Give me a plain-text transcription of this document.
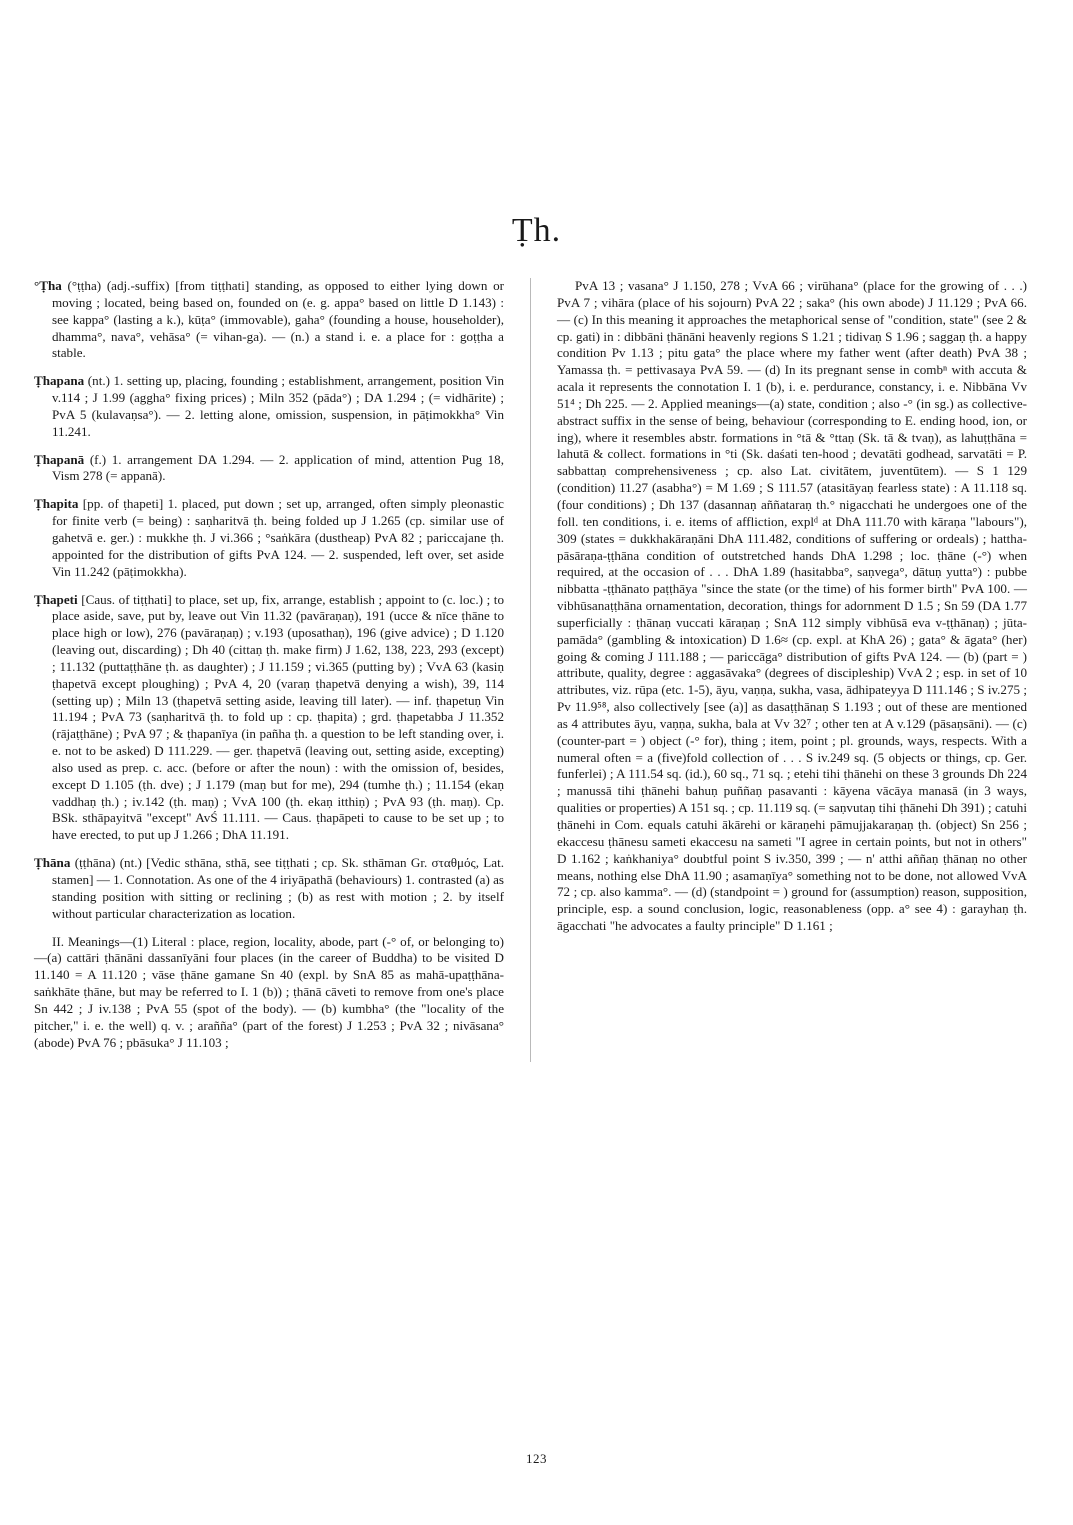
Ṭh.

°Ṭha (°ṭṭha) (adj.-suffix) [from tiṭṭhati] standing, as opposed to either lying down or moving ; located, being based on, founded on (e. g. appa° based on little D 1.143) : see kappa° (lasting a k.), kūṭa° (immovable), gaha° (founding a house, householder), dhamma°, nava°, vehāsa° (= vihan-ga). — (n.) a stand i. e. a place for : goṭṭha a stable.

Ṭhapana (nt.) 1. setting up, placing, founding ; establishment, arrangement, position Vin v.114 ; J 1.99 (aggha° fixing prices) ; Miln 352 (pāda°) ; DA 1.294 ; (= vidhārite) ; PvA 5 (kulavaṇsa°). — 2. letting alone, omission, suspension, in pāṭimokkha° Vin 11.241.

Ṭhapanā (f.) 1. arrangement DA 1.294. — 2. application of mind, attention Pug 18, Vism 278 (= appanā).

Ṭhapita [pp. of ṭhapeti] 1. placed, put down ; set up, arranged, often simply pleonastic for finite verb (= being) : saṇharitvā ṭh. being folded up J 1.265 (cp. similar use of gahetvā e. ger.) : mukkhe ṭh. J vi.366 ; °saṅkāra (dustheap) PvA 82 ; pariccajane ṭh. appointed for the distribution of gifts PvA 124. — 2. suspended, left over, set aside Vin 11.242 (pāṭimokkha).

Ṭhapeti [Caus. of tiṭṭhati] to place, set up, fix, arrange, establish ; appoint to (c. loc.) ; to place aside, save, put by, leave out Vin 11.32 (pavāraṇaṇ), 191 (ucce & nīce ṭhāne to place high or low), 276 (pavāraṇaṇ) ; v.193 (uposathaṇ), 196 (give advice) ; D 1.120 (leaving out, discarding) ; Dh 40 (cittaṇ ṭh. make firm) J 1.62, 138, 223, 293 (except) ; 11.132 (puttaṭṭhāne ṭh. as daughter) ; J 11.159 ; vi.365 (putting by) ; VvA 63 (kasiṇ ṭhapetvā except ploughing) ; PvA 4, 20 (varaṇ ṭhapetvā denying a wish), 39, 114 (setting up) ; Miln 13 (ṭhapetvā setting aside, leaving till later). — inf. ṭhapetuṇ Vin 11.194 ; PvA 73 (saṇharitvā ṭh. to fold up : cp. ṭhapita) ; grd. ṭhapetabba J 11.352 (rājaṭṭhāne) ; PvA 97 ; & ṭhapanīya (in pañha ṭh. a question to be left standing over, i. e. not to be asked) D 111.229. — ger. ṭhapetvā (leaving out, setting aside, excepting) also used as prep. c. acc. (before or after the noun) : with the omission of, besides, except D 1.105 (ṭh. dve) ; J 1.179 (maṇ but for me), 294 (tumhe ṭh.) ; 11.154 (ekaṇ vaddhaṇ ṭh.) ; iv.142 (ṭh. maṇ) ; VvA 100 (ṭh. ekaṇ itthiṇ) ; PvA 93 (ṭh. maṇ). Cp. BSk. sthāpayitvā "except" AvŚ 11.111. — Caus. ṭhapāpeti to cause to be set up ; to have erected, to put up J 1.266 ; DhA 11.191.

Ṭhāna (ṭṭhāna) (nt.) [Vedic sthāna, sthā, see tiṭṭhati ; cp. Sk. sthāman Gr. σταθμός, Lat. stamen] — 1. Connotation. As one of the 4 iriyāpathā (behaviours) 1. contrasted (a) as standing position with sitting or reclining ; (b) as rest with motion ; 2. by itself without particular characterization as location.

II. Meanings—(1) Literal : place, region, locality, abode, part (-° of, or belonging to)—(a) cattāri ṭhānāni dassanīyāni four places (in the career of Buddha) to be visited D 11.140 = A 11.120 ; vāse ṭhāne gamane Sn 40 (expl. by SnA 85 as mahā-upaṭṭhāna-saṅkhāte ṭhāne, but may be referred to I. 1 (b)) ; ṭhānā cāveti to remove from one's place Sn 442 ; J iv.138 ; PvA 55 (spot of the body). — (b) kumbha° (the "locality of the pitcher," i. e. the well) q. v. ; arañña° (part of the forest) J 1.253 ; PvA 32 ; nivāsana° (abode) PvA 76 ; pbāsuka° J 11.103 ;

PvA 13 ; vasana° J 1.150, 278 ; VvA 66 ; virūhana° (place for the growing of . . .) PvA 7 ; vihāra (place of his sojourn) PvA 22 ; saka° (his own abode) J 11.129 ; PvA 66. — (c) In this meaning it approaches the metaphorical sense of "condition, state" (see 2 & cp. gati) in : dibbāni ṭhānāni heavenly regions S 1.21 ; tidivaṇ S 1.96 ; saggaṇ ṭh. a happy condition Pv 1.13 ; pitu gata° the place where my father went (after death) PvA 38 ; Yamassa ṭh. = pettivasaya PvA 59. — (d) In its pregnant sense in combⁿ with accuta & acala it represents the connotation I. 1 (b), i. e. perdurance, constancy, i. e. Nibbāna Vv 51⁴ ; Dh 225. — 2. Applied meanings—(a) state, condition ; also -° (in sg.) as collective-abstract suffix in the sense of being, behaviour (corresponding to E. ending hood, ion, or ing), where it resembles abstr. formations in °tā & °ttaṇ (Sk. tā & tvaṇ), as lahuṭṭhāna = lahutā & collect. formations in °ti (Sk. daśati ten-hood ; devatāti godhead, sarvatāti = P. sabbattaṇ comprehensiveness ; cp. also Lat. civitātem, juventūtem). — S 1 129 (condition) 11.27 (asabha°) = M 1.69 ; S 111.57 (atasitāyaṇ fearless state) : A 11.118 sq. (four conditions) ; Dh 137 (dasannaṇ aññataraṇ th.° nigacchati he undergoes one of the foll. ten conditions, i. e. items of affliction, explᵈ at DhA 111.70 with kāraṇa "labours"), 309 (states = dukkhakāraṇāni DhA 111.482, conditions of suffering or ordeals) ; hattha-pāsāraṇa-ṭṭhāna condition of outstretched hands DhA 1.298 ; loc. ṭhāne (-°) when required, at the occasion of . . . DhA 1.89 (hasitabba°, saṇvega°, dātuṇ yutta°) : pubbe nibbatta -ṭṭhānato paṭṭhāya "since the state (or the time) of his former birth" PvA 100. — vibhūsanaṭṭhāna ornamentation, decoration, things for adornment D 1.5 ; Sn 59 (DA 1.77 superficially : ṭhānaṇ vuccati kāraṇaṇ ; SnA 112 simply vibhūsā eva v-ṭṭhānaṇ) ; jūta-pamāda° (gambling & intoxication) D 1.6≈ (cp. expl. at KhA 26) ; gata° & āgata° (her) going & coming J 111.188 ; — pariccāga° distribution of gifts PvA 124. — (b) (part = ) attribute, quality, degree : aggasāvaka° (degrees of discipleship) VvA 2 ; esp. in set of 10 attributes, viz. rūpa (etc. 1-5), āyu, vaṇṇa, sukha, vasa, ādhipateyya D 111.146 ; S iv.275 ; Pv 11.9⁵⁸, also collectively [see (a)] as dasaṭṭhānaṇ S 1.193 ; out of these are mentioned as 4 attributes āyu, vaṇṇa, sukha, bala at Vv 32⁷ ; other ten at A v.129 (pāsaṇsāni). — (c) (counter-part = ) object (-° for), thing ; item, point ; pl. grounds, ways, respects. With a numeral often = a (five)fold collection of . . . S iv.249 sq. (5 objects or things, cp. Ger. funferlei) ; A 111.54 sq. (id.), 60 sq., 71 sq. ; etehi tihi ṭhānehi on these 3 grounds Dh 224 ; manussā tihi ṭhānehi bahuṇ puññaṇ pasavanti : kāyena vācāya manasā (in 3 ways, qualities or properties) A 151 sq. ; cp. 11.119 sq. (= saṇvutaṇ tihi ṭhānehi Dh 391) ; catuhi ṭhānehi in Com. equals catuhi ākārehi or kāraṇehi pāmujjakaraṇaṇ ṭh. (object) Sn 256 ; ekaccesu ṭhānesu sameti ekaccesu na sameti "I agree in certain points, but not in others" D 1.162 ; kaṅkhaniya° doubtful point S iv.350, 399 ; — n' atthi aññaṇ ṭhānaṇ no other means, nothing else DhA 11.90 ; asamaṇīya° something not to be done, not allowed VvA 72 ; cp. also kamma°. — (d) (standpoint = ) ground for (assumption) reason, supposition, principle, esp. a sound conclusion, logic, reasonableness (opp. a° see 4) : garayhaṇ ṭh. āgacchati "he advocates a faulty principle" D 1.161 ;

123
